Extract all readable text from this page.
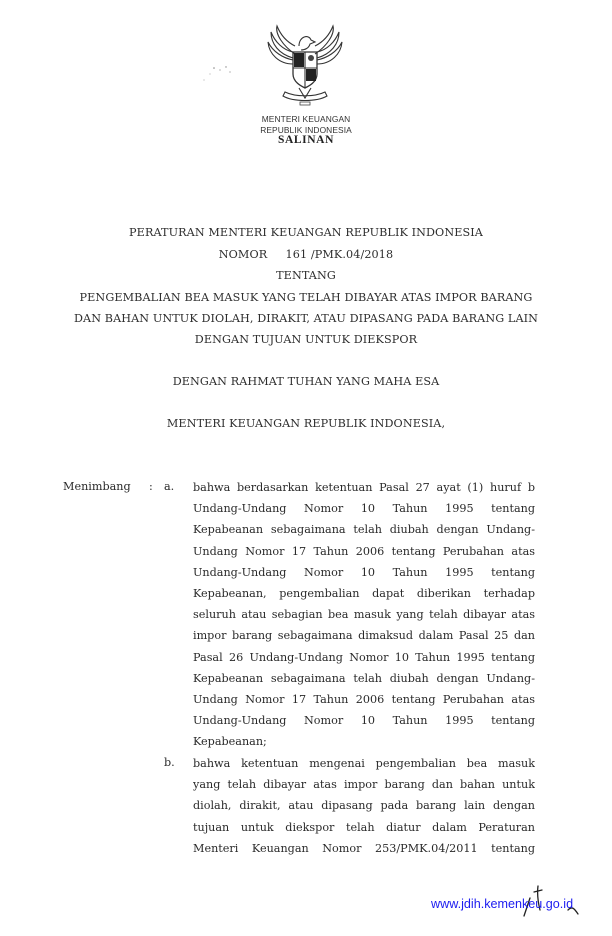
MENTERI KEUANGAN
REPUBLIK INDONESIA
SALINAN
PERATURAN MENTERI KEUANGAN REPUBLIK INDONESIA
NOMOR     161 /PMK.04/2018
TENTANG
PENGEMBALIAN BEA MASUK YANG TELAH DIBAYAR ATAS IMPOR BARANG
DAN BAHAN UNTUK DIOLAH, DIRAKIT, ATAU DIPASANG PADA BARANG LAIN
DENGAN TUJUAN UNTUK DIEKSPOR
DENGAN RAHMAT TUHAN YANG MAHA ESA
MENTERI KEUANGAN REPUBLIK INDONESIA,
Menimbang : a. bahwa berdasarkan ketentuan Pasal 27 ayat (1) huruf b
Undang-Undang Nomor 10 Tahun 1995 tentang
Kepabeanan sebagaimana telah diubah dengan Undang-
Undang Nomor 17 Tahun 2006 tentang Perubahan atas
Undang-Undang Nomor 10 Tahun 1995 tentang
Kepabeanan, pengembalian dapat diberikan terhadap
seluruh atau sebagian bea masuk yang telah dibayar atas
impor barang sebagaimana dimaksud dalam Pasal 25 dan
Pasal 26 Undang-Undang Nomor 10 Tahun 1995 tentang
Kepabeanan sebagaimana telah diubah dengan Undang-
Undang Nomor 17 Tahun 2006 tentang Perubahan atas
Undang-Undang Nomor 10 Tahun 1995 tentang
Kepabeanan;
b. bahwa ketentuan mengenai pengembalian bea masuk
yang telah dibayar atas impor barang dan bahan untuk
diolah, dirakit, atau dipasang pada barang lain dengan
tujuan untuk diekspor telah diatur dalam Peraturan
Menteri Keuangan Nomor 253/PMK.04/2011 tentang
www.jdih.kemenkeu.go.id
